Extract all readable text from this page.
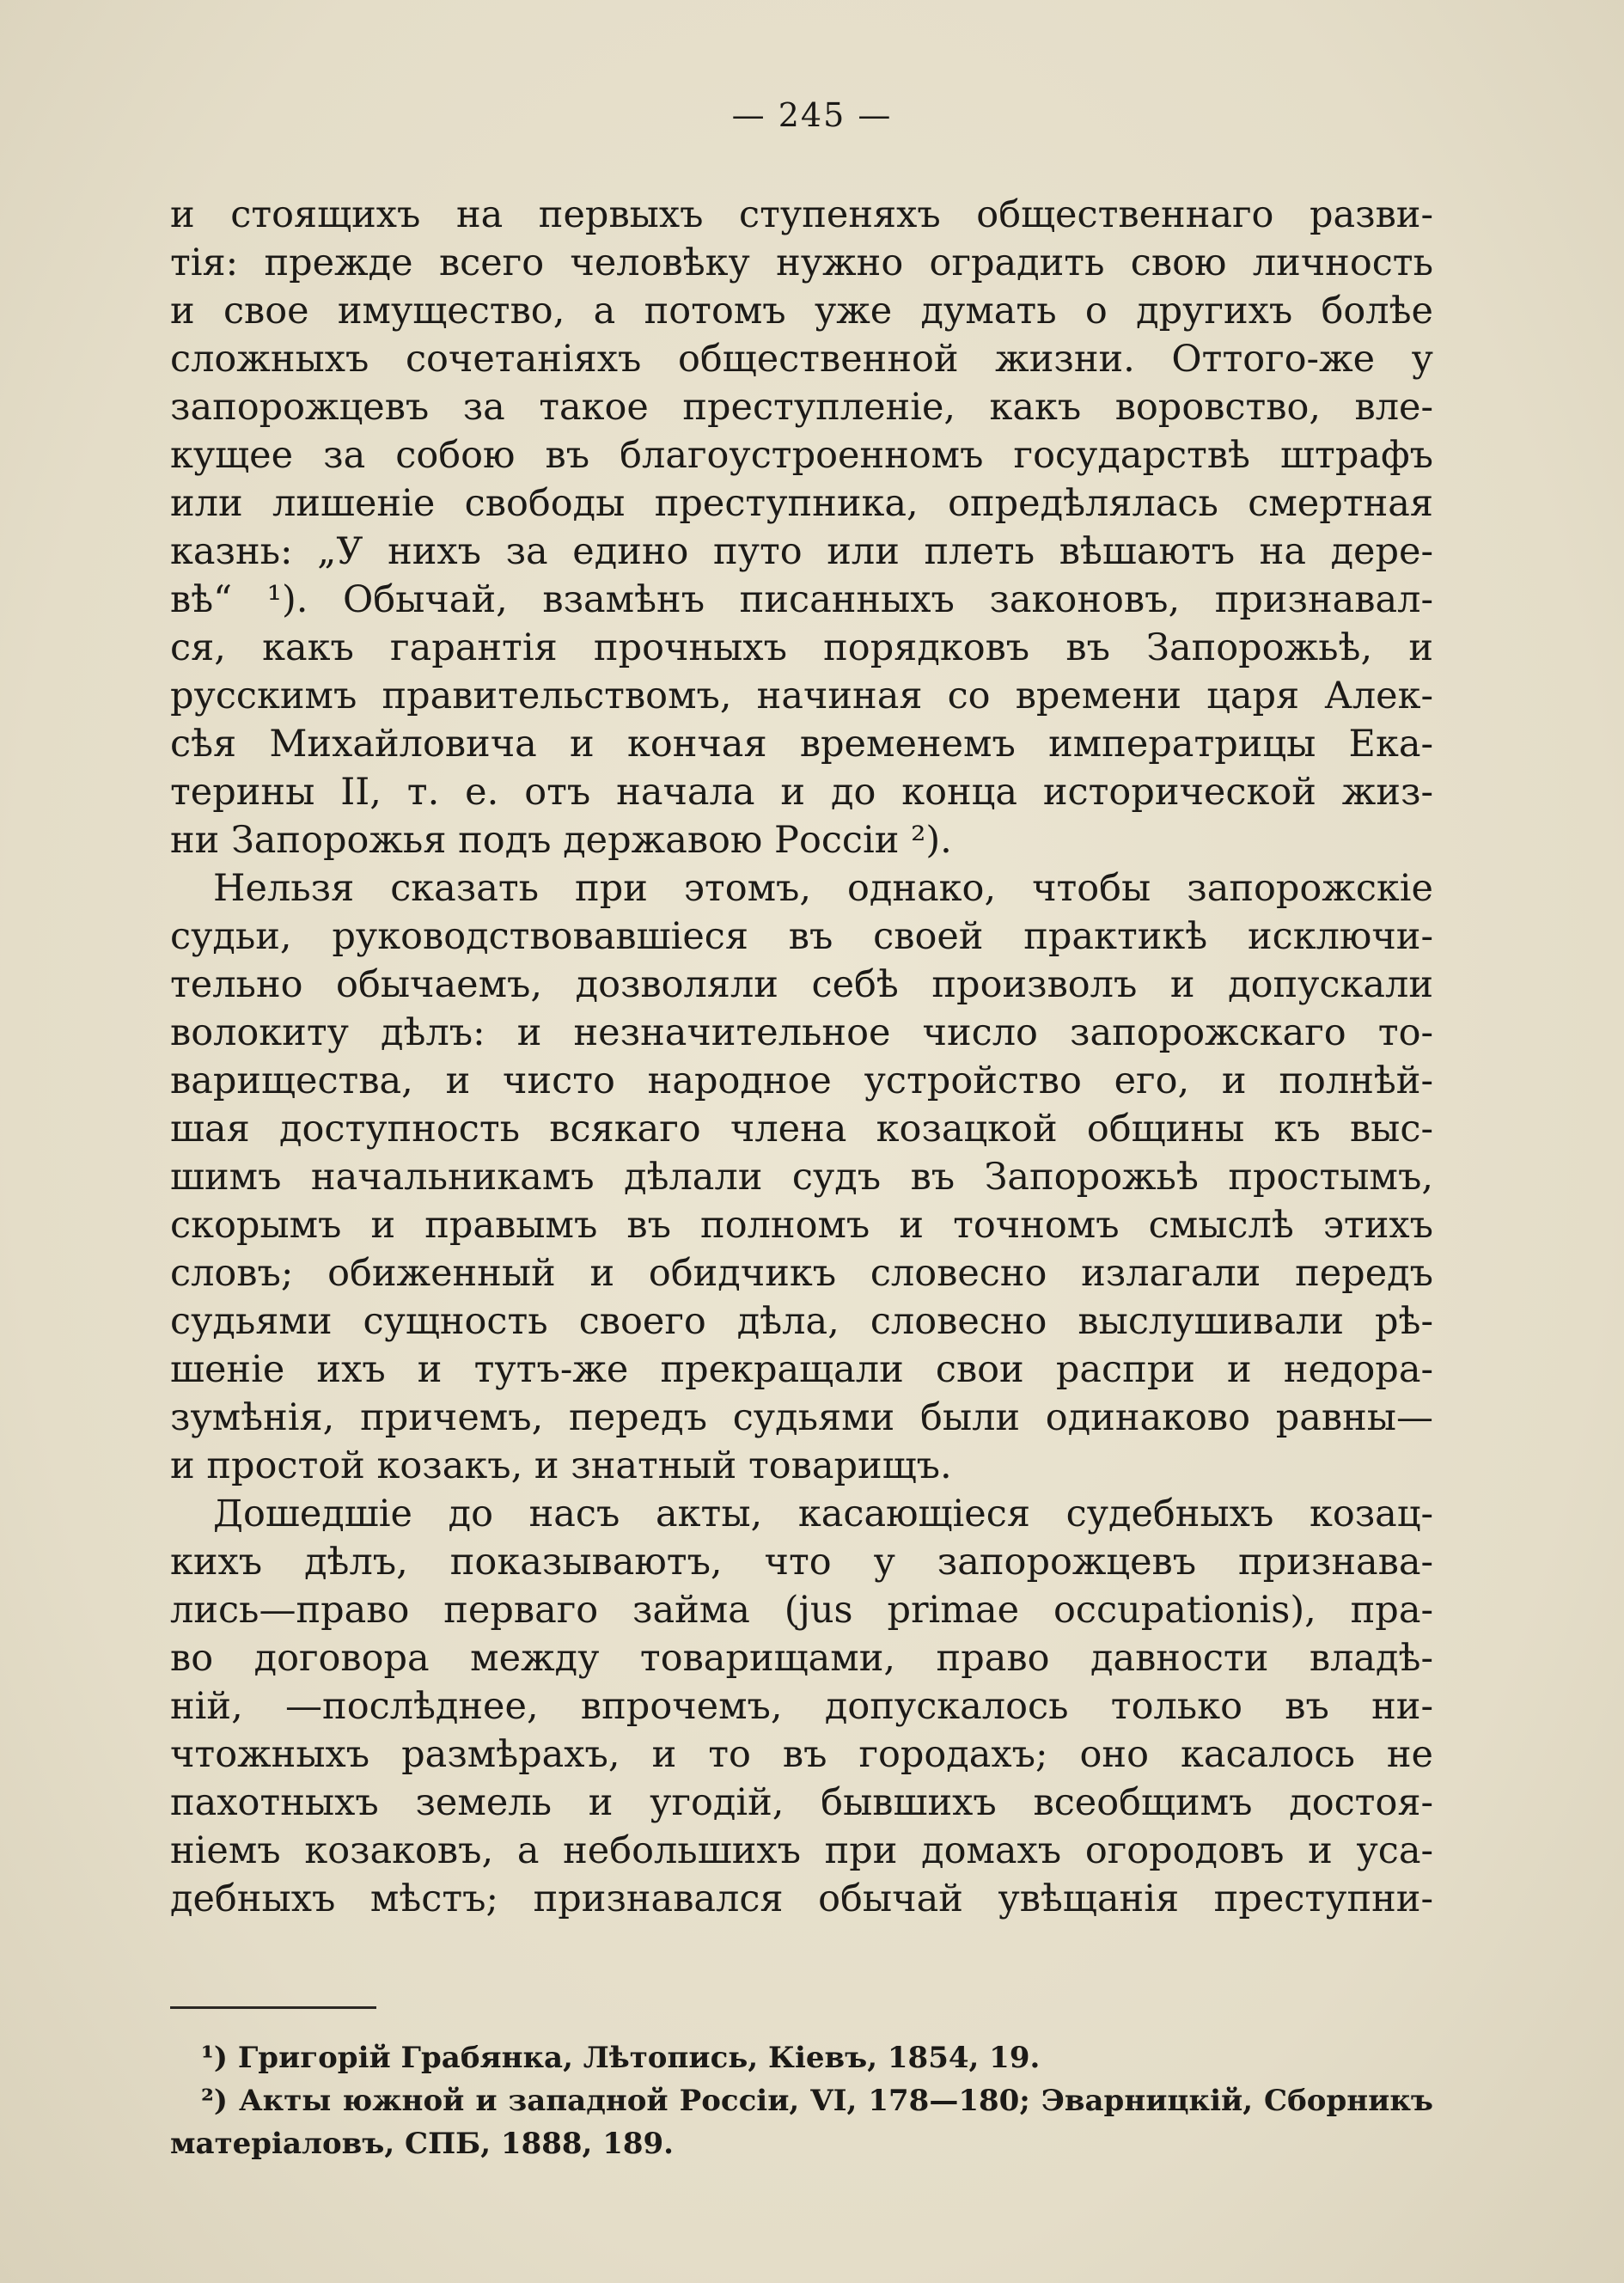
— 245 —
и стоящихъ на первыхъ ступеняхъ общественнаго разви-
тія: прежде всего человѣку нужно оградить свою личность
и свое имущество, а потомъ уже думать о другихъ болѣе
сложныхъ сочетаніяхъ общественной жизни. Оттого-же у
запорожцевъ за такое преступленіе, какъ воровство, вле-
кущее за собою въ благоустроенномъ государствѣ штрафъ
или лишеніе свободы преступника, опредѣлялась смертная
казнь: „У нихъ за едино путо или плеть вѣшаютъ на дере-
вѣ“ ¹). Обычай, взамѣнъ писанныхъ законовъ, признавал-
ся, какъ гарантія прочныхъ порядковъ въ Запорожьѣ, и
русскимъ правительствомъ, начиная со времени царя Алек-
сѣя Михайловича и кончая временемъ императрицы Ека-
терины II, т. е. отъ начала и до конца исторической жиз-
ни Запорожья подъ державою Россіи ²).
Нельзя сказать при этомъ, однако, чтобы запорожскіе
судьи, руководствовавшіеся въ своей практикѣ исключи-
тельно обычаемъ, дозволяли себѣ произволъ и допускали
волокиту дѣлъ: и незначительное число запорожскаго то-
варищества, и чисто народное устройство его, и полнѣй-
шая доступность всякаго члена козацкой общины къ выс-
шимъ начальникамъ дѣлали судъ въ Запорожьѣ простымъ,
скорымъ и правымъ въ полномъ и точномъ смыслѣ этихъ
словъ; обиженный и обидчикъ словесно излагали передъ
судьями сущность своего дѣла, словесно выслушивали рѣ-
шеніе ихъ и тутъ-же прекращали свои распри и недора-
зумѣнія, причемъ, передъ судьями были одинаково равны—
и простой козакъ, и знатный товарищъ.
Дошедшіе до насъ акты, касающіеся судебныхъ козац-
кихъ дѣлъ, показываютъ, что у запорожцевъ признава-
лись—право перваго займа (jus primae occupationis), пра-
во договора между товарищами, право давности владѣ-
ній, —послѣднее, впрочемъ, допускалось только въ ни-
чтожныхъ размѣрахъ, и то въ городахъ; оно касалось не
пахотныхъ земель и угодій, бывшихъ всеобщимъ достоя-
ніемъ козаковъ, а небольшихъ при домахъ огородовъ и уса-
дебныхъ мѣстъ; признавался обычай увѣщанія преступни-
¹) Григорій Грабянка, Лѣтопись, Кіевъ, 1854, 19.
²) Акты южной и западной Россіи, VI, 178—180; Эварницкій, Сборникъ
матеріаловъ, СПБ, 1888, 189.
